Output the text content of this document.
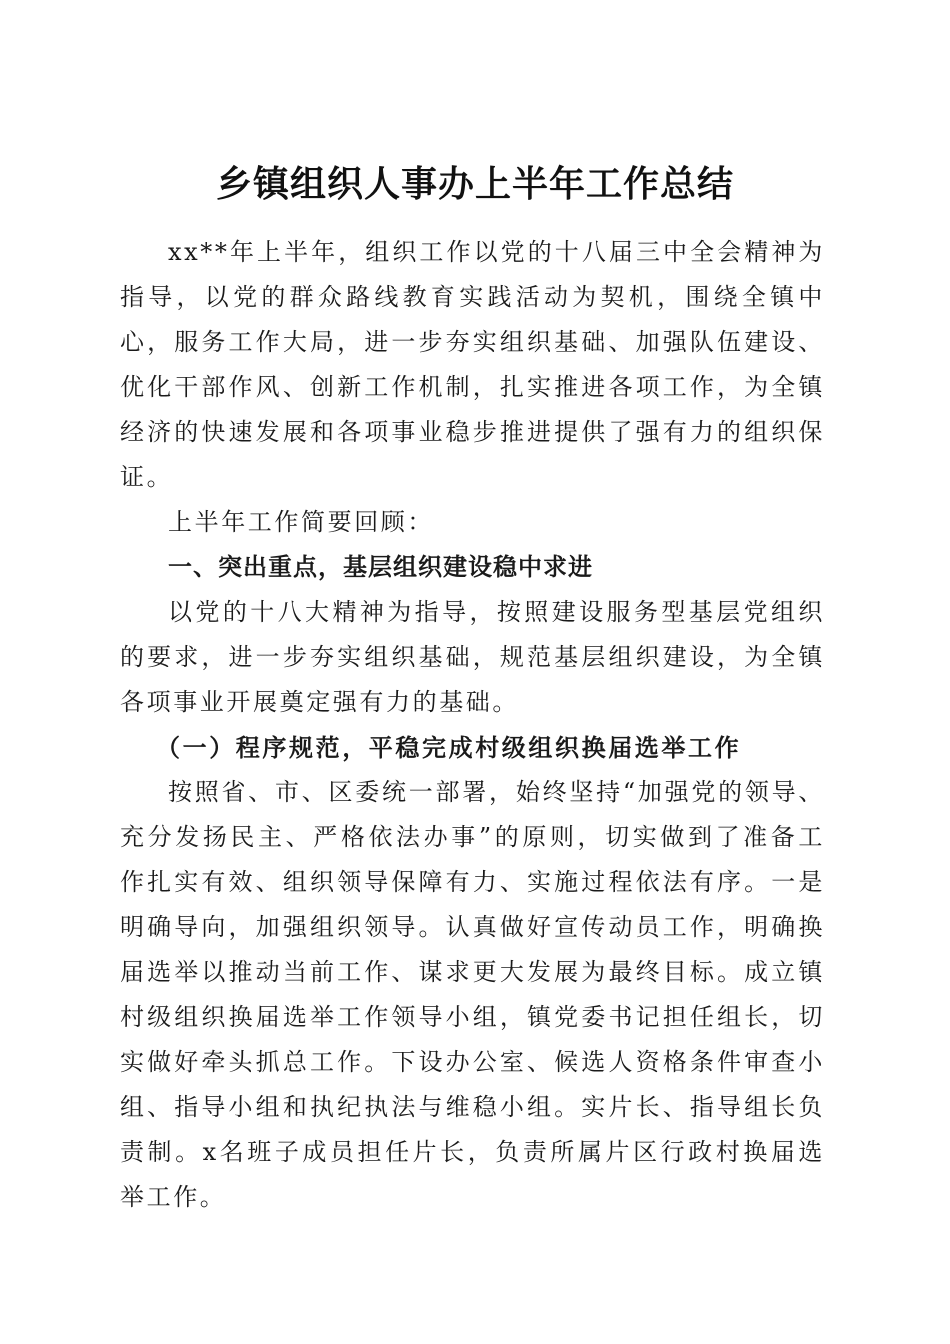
乡镇组织人事办上半年工作总结

xx**年上半年，组织工作以党的十八届三中全会精神为指导，以党的群众路线教育实践活动为契机，围绕全镇中心，服务工作大局，进一步夯实组织基础、加强队伍建设、优化干部作风、创新工作机制，扎实推进各项工作，为全镇经济的快速发展和各项事业稳步推进提供了强有力的组织保证。

上半年工作简要回顾：

一、突出重点，基层组织建设稳中求进

以党的十八大精神为指导，按照建设服务型基层党组织的要求，进一步夯实组织基础，规范基层组织建设，为全镇各项事业开展奠定强有力的基础。

（一）程序规范，平稳完成村级组织换届选举工作

按照省、市、区委统一部署，始终坚持“加强党的领导、充分发扬民主、严格依法办事”的原则，切实做到了准备工作扎实有效、组织领导保障有力、实施过程依法有序。一是明确导向，加强组织领导。认真做好宣传动员工作，明确换届选举以推动当前工作、谋求更大发展为最终目标。成立镇村级组织换届选举工作领导小组，镇党委书记担任组长，切实做好牵头抓总工作。下设办公室、候选人资格条件审查小组、指导小组和执纪执法与维稳小组。实片长、指导组长负责制。x名班子成员担任片长，负责所属片区行政村换届选举工作。
